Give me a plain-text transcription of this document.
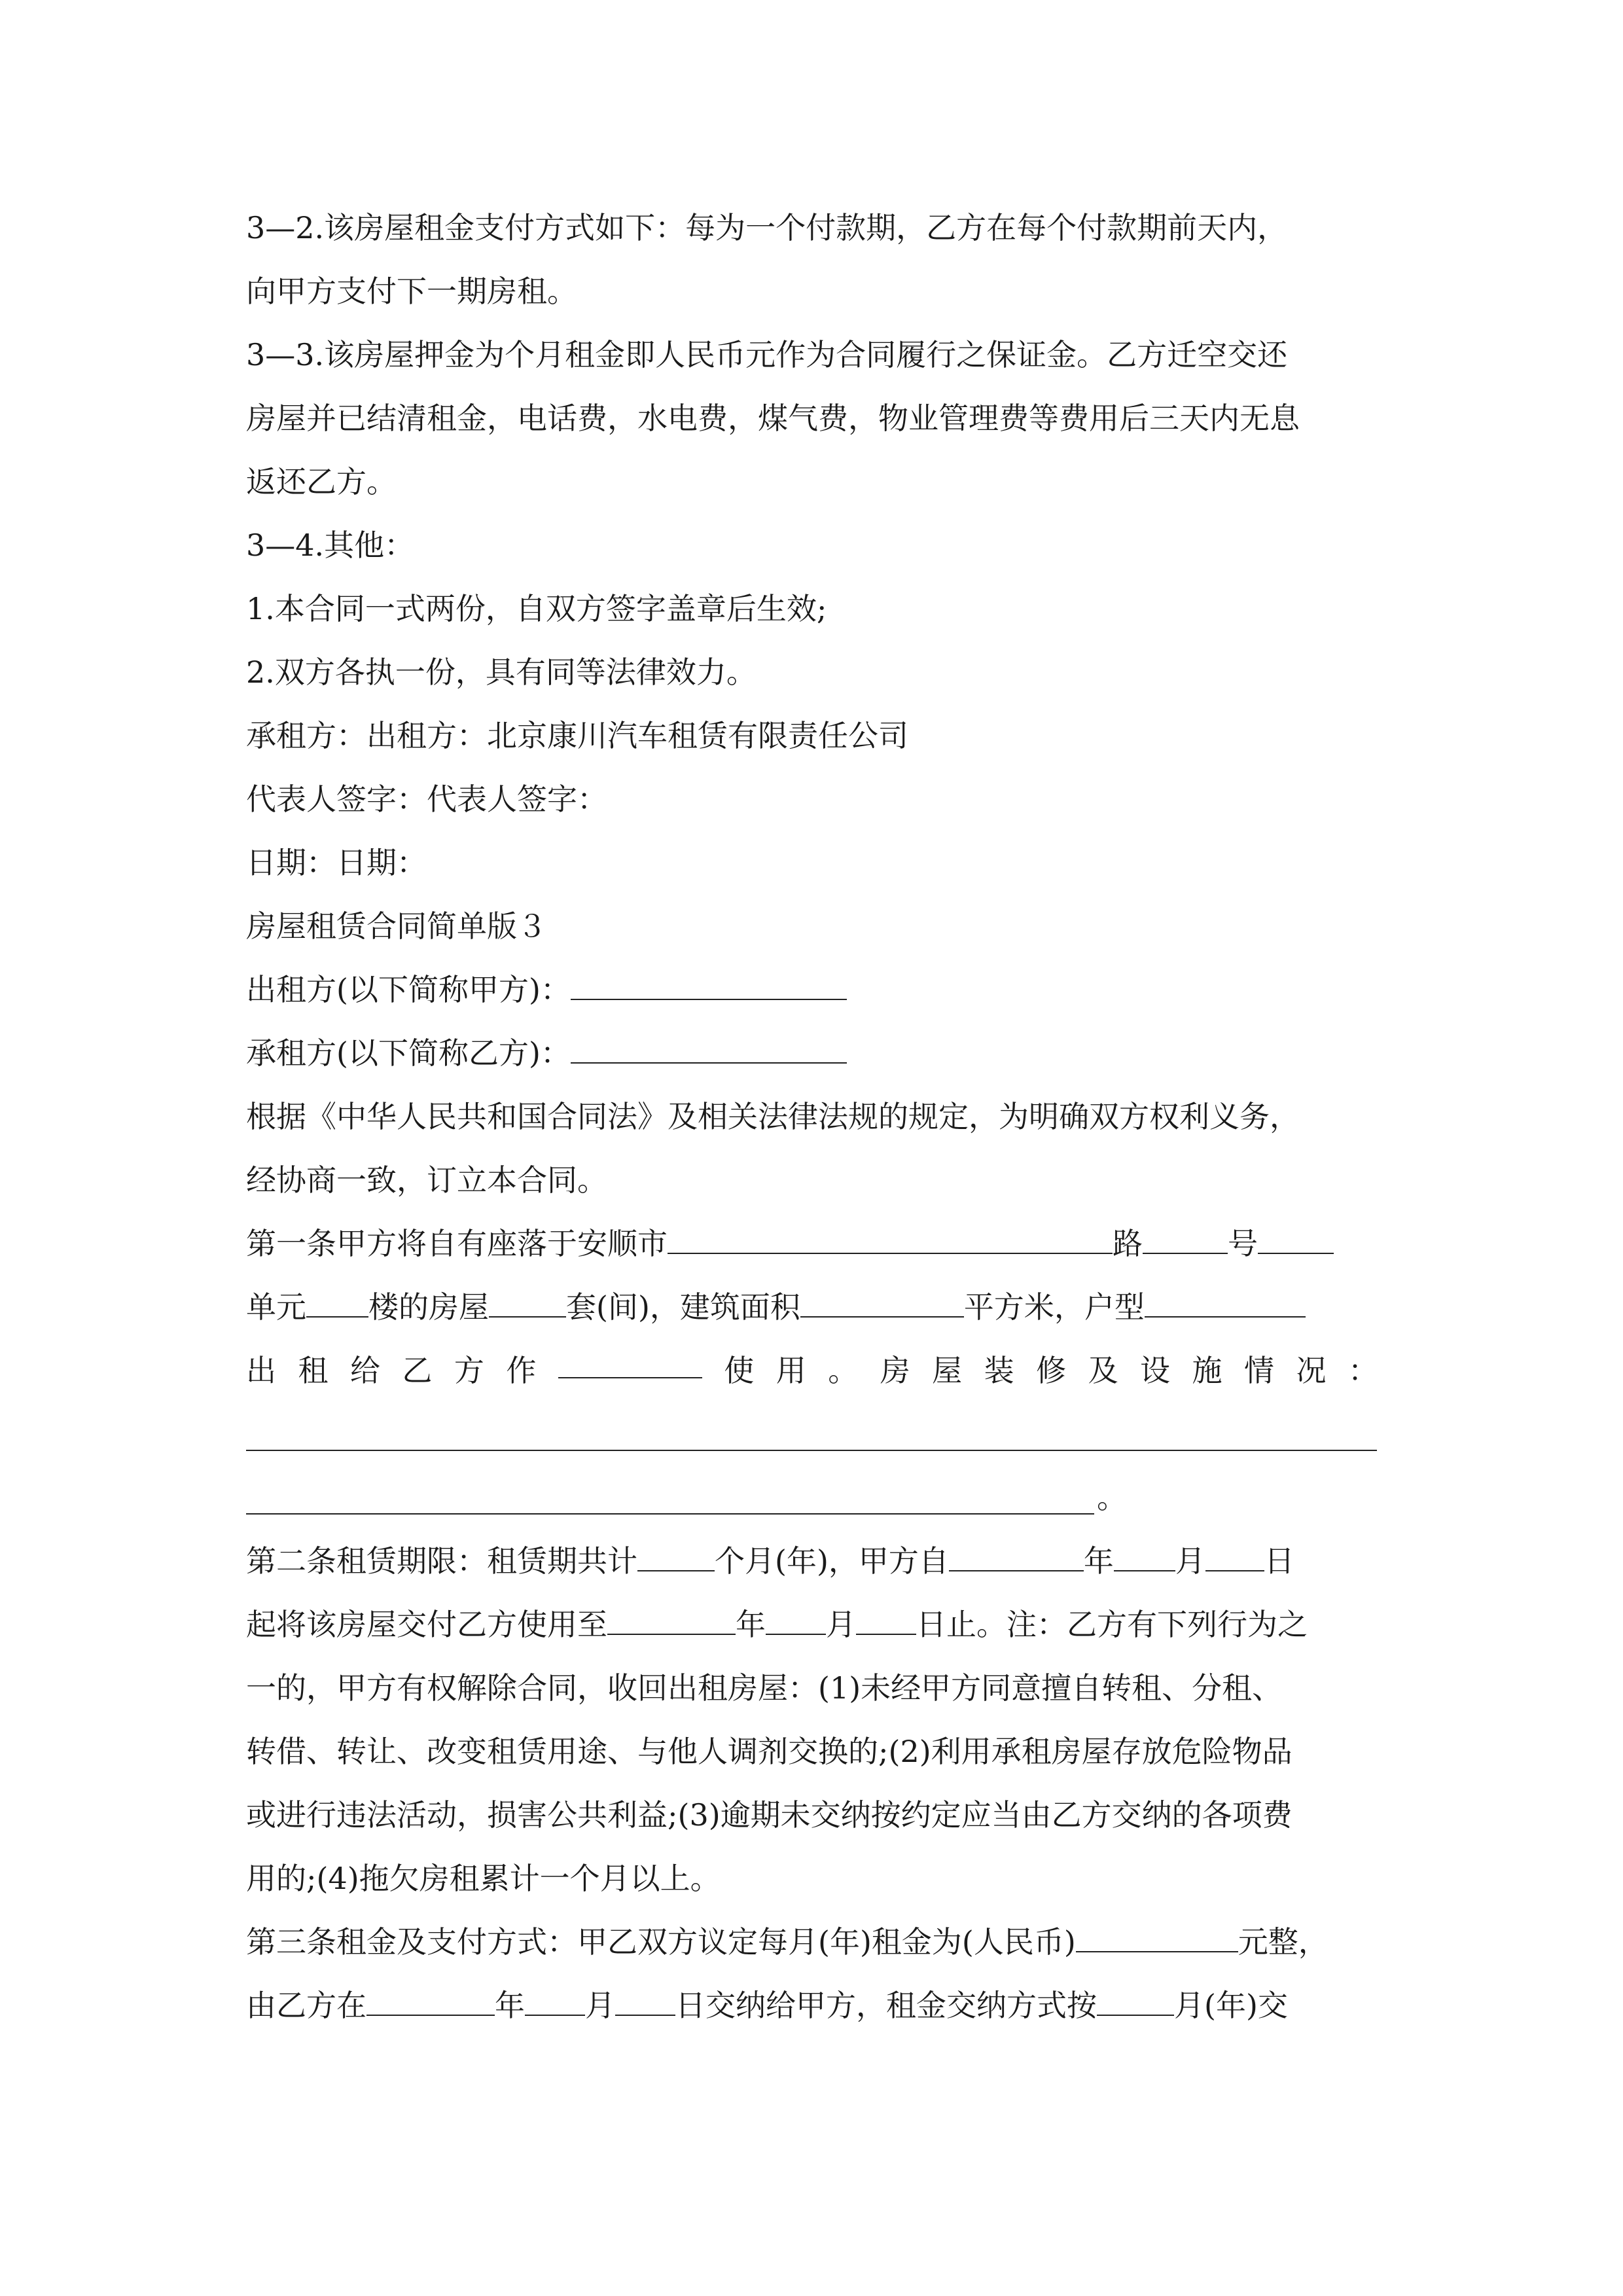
3—2.该房屋租金支付方式如下：每为一个付款期，乙方在每个付款期前天内，
向甲方支付下一期房租。
3—3.该房屋押金为个月租金即人民币元作为合同履行之保证金。乙方迁空交还
房屋并已结清租金，电话费，水电费，煤气费，物业管理费等费用后三天内无息
返还乙方。
3—4.其他：
1.本合同一式两份，自双方签字盖章后生效;
2.双方各执一份，具有同等法律效力。
承租方：出租方：北京康川汽车租赁有限责任公司
代表人签字：代表人签字：
日期：日期：
房屋租赁合同简单版３
出租方(以下简称甲方)：
承租方(以下简称乙方)：
根据《中华人民共和国合同法》及相关法律法规的规定，为明确双方权利义务，
经协商一致，订立本合同。
第一条甲方将自有座落于安顺市	路	号
单元 楼的房屋	套(间)，建筑面积	平方米，户型
出 租 给 乙 方 作	使 用 。 房 屋 装 修 及 设 施 情 况 ：
。
第二条租赁期限：租赁期共计	个月(年)，甲方自	年 月 日
起将该房屋交付乙方使用至	年 月 日止。注：乙方有下列行为之
一的，甲方有权解除合同，收回出租房屋：(1)未经甲方同意擅自转租、分租、
转借、转让、改变租赁用途、与他人调剂交换的;(2)利用承租房屋存放危险物品
或进行违法活动，损害公共利益;(3)逾期未交纳按约定应当由乙方交纳的各项费
用的;(4)拖欠房租累计一个月以上。
第三条租金及支付方式：甲乙双方议定每月(年)租金为(人民币)	元整，
由乙方在	年 月 日交纳给甲方，租金交纳方式按	月(年)交
